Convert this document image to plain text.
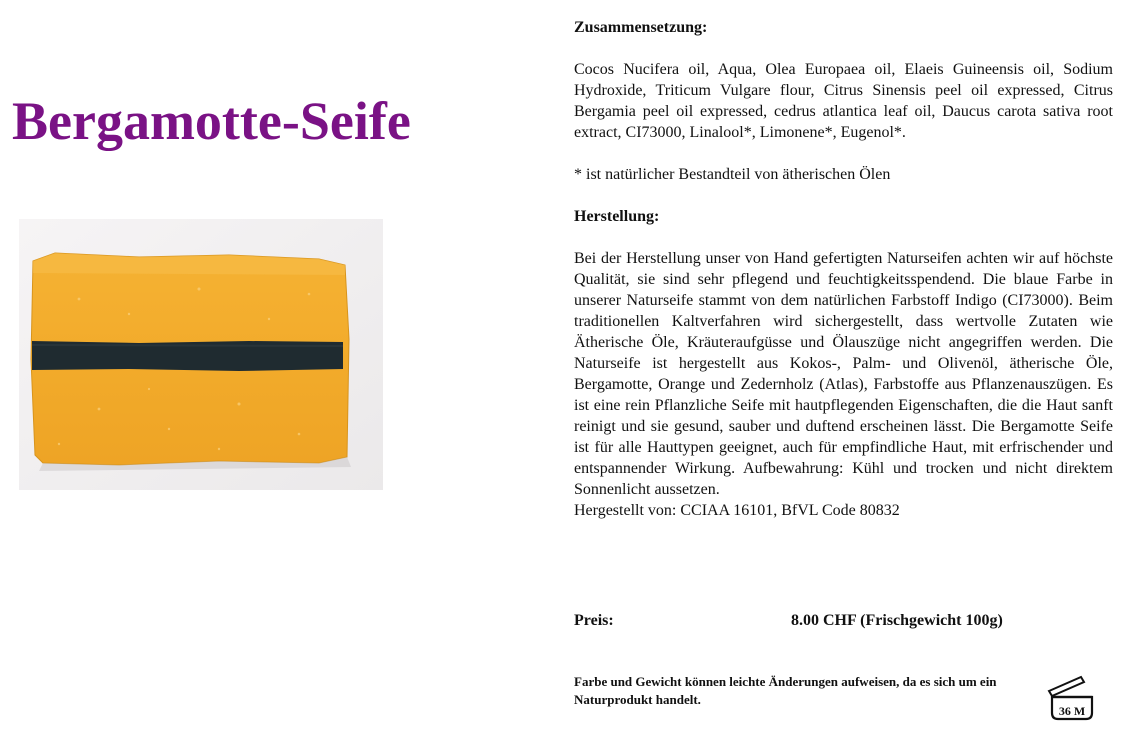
Bergamotte-Seife

Zusammensetzung:

Cocos Nucifera oil, Aqua, Olea Europaea oil, Elaeis Guineensis oil, Sodium Hydroxide, Triticum Vulgare flour, Citrus Sinensis peel oil expressed, Citrus Bergamia peel oil expressed, cedrus atlantica leaf oil, Daucus carota sativa root extract, CI73000, Linalool*, Limonene*, Eugenol*.

* ist natürlicher Bestandteil von ätherischen Ölen

Herstellung:

Bei der Herstellung unser von Hand gefertigten Naturseifen achten wir auf höchste Qualität, sie sind sehr pflegend und feuchtigkeitsspendend. Die blaue Farbe in unserer Naturseife stammt von dem natürlichen Farbstoff Indigo (CI73000). Beim traditionellen Kaltverfahren wird sichergestellt, dass wertvolle Zutaten wie Ätherische Öle, Kräuteraufgüsse und Ölauszüge nicht angegriffen werden. Die Naturseife ist hergestellt aus Kokos-, Palm- und Olivenöl, ätherische Öle, Bergamotte, Orange und Zedernholz (Atlas), Farbstoffe aus Pflanzenauszügen. Es ist eine rein Pflanzliche Seife mit hautpflegenden Eigenschaften, die die Haut sanft reinigt und sie gesund, sauber und duftend erscheinen lässt. Die Bergamotte Seife ist für alle Hauttypen geeignet, auch für empfindliche Haut, mit erfrischender und entspannender Wirkung. Aufbewahrung: Kühl und trocken und nicht direktem Sonnenlicht aussetzen.

Hergestellt von: CCIAA 16101, BfVL Code 80832

Preis:	8.00 CHF (Frischgewicht 100g)
Farbe und Gewicht können leichte Änderungen aufweisen, da es sich um ein Naturprodukt handelt.
36 M
